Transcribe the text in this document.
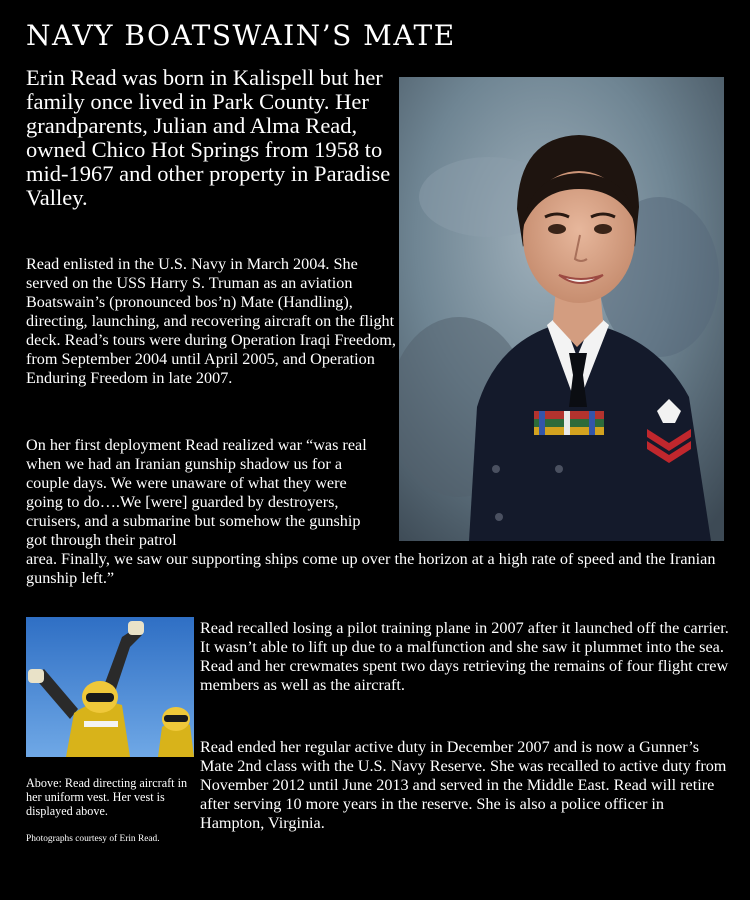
NAVY BOATSWAIN’S MATE

Erin Read was born in Kalispell but her family once lived in Park County. Her grandparents, Julian and Alma Read, owned Chico Hot Springs from 1958 to mid-1967 and other property in Paradise Valley.

Read enlisted in the U.S. Navy in March 2004. She served on the USS Harry S. Truman as an aviation Boatswain’s (pronounced bos’n) Mate (Handling), directing, launching, and recovering aircraft on the flight deck. Read’s tours were during Operation Iraqi Freedom, from September 2004 until April 2005, and Operation Enduring Freedom in late 2007.

On her first deployment Read realized war “was real when we had an Iranian gunship shadow us for a couple days. We were unaware of what they were going to do….We [were] guarded by destroyers, cruisers, and a submarine but somehow the gunship got through their patrol
area. Finally, we saw our supporting ships come up over the horizon at a high rate of speed and the Iranian gunship left.”

Above: Read directing aircraft in her uniform vest. Her vest is displayed above.

Photographs courtesy of Erin Read.

Read recalled losing a pilot training plane in 2007 after it launched off the carrier. It wasn’t able to lift up due to a malfunction and she saw it plummet into the sea. Read and her crewmates spent two days retrieving the remains of four flight crew members as well as the aircraft.

Read ended her regular active duty in December 2007 and is now a Gunner’s Mate 2nd class with the U.S. Navy Reserve. She was recalled to active duty from November 2012 until June 2013 and served in the Middle East. Read will retire after serving 10 more years in the reserve. She is also a police officer in Hampton, Virginia.
